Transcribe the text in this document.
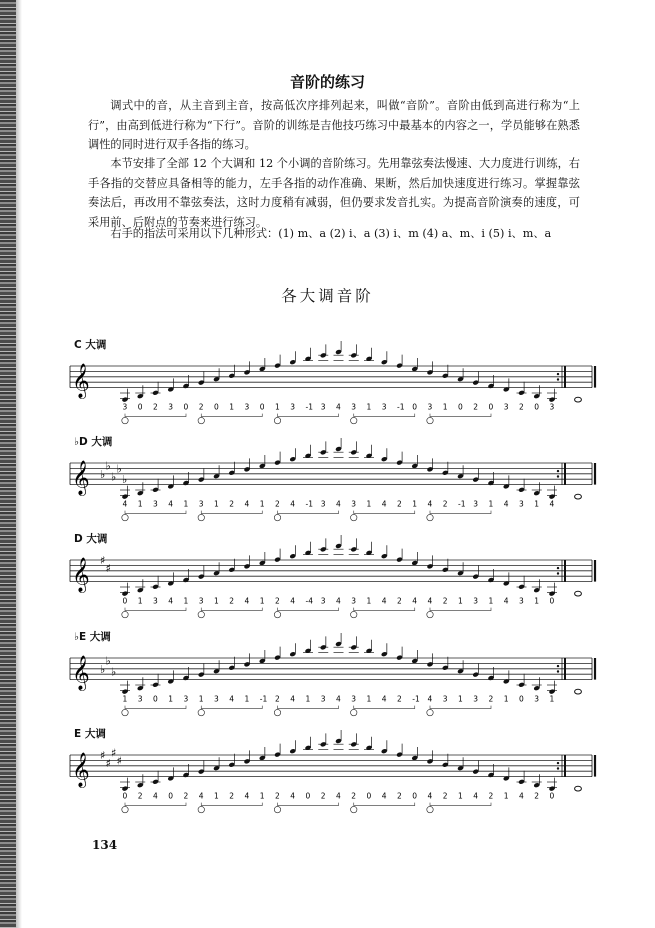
音阶的练习
调式中的音，从主音到主音，按高低次序排列起来，叫做“音阶”。音阶由低到高进行称为“上行”，由高到低进行称为“下行”。音阶的训练是吉他技巧练习中最基本的内容之一，学员能够在熟悉调性的同时进行双手各指的练习。
本节安排了全部 12 个大调和 12 个小调的音阶练习。先用靠弦奏法慢速、大力度进行训练，右手各指的交替应具备相等的能力，左手各指的动作准确、果断，然后加快速度进行练习。掌握靠弦奏法后，再改用不靠弦奏法，这时力度稍有减弱，但仍要求发音扎实。为提高音阶演奏的速度，可采用前、后附点的节奏来进行练习。
右手的指法可采用以下几种形式：(1) m、a (2) i、a (3) i、m (4) a、m、i (5) i、m、a
各大调音阶
C 大调
𝄞
3 0 2 3 0 2 0 1 3 0 1 3 -1 3 4 3 1 3 -1 0 3 1 0 2 0 3 2 0 3
♭D 大调
𝄞 ♭
♭
♭
♭
♭
4 1 3 4 1 3 1 2 4 1 2 4 -1 3 4 3 1 4 2 1 4 2 -1 3 1 4 3 1 4
D 大调
𝄞 ♯
♯
0 1 3 4 1 3 1 2 4 1 2 4 -4 3 4 3 1 4 2 4 4 2 1 3 1 4 3 1 0
♭E 大调
𝄞 ♭
♭
♭
1 3 0 1 3 1 3 4 1 -1 2 4 1 3 4 3 1 4 2 -1 4 3 1 3 2 1 0 3 1
E 大调
𝄞 ♯
♯
♯
♯
0 2 4 0 2 4 1 2 4 1 2 4 0 2 4 2 0 4 2 0 4 2 1 4 2 1 4 2 0
134
